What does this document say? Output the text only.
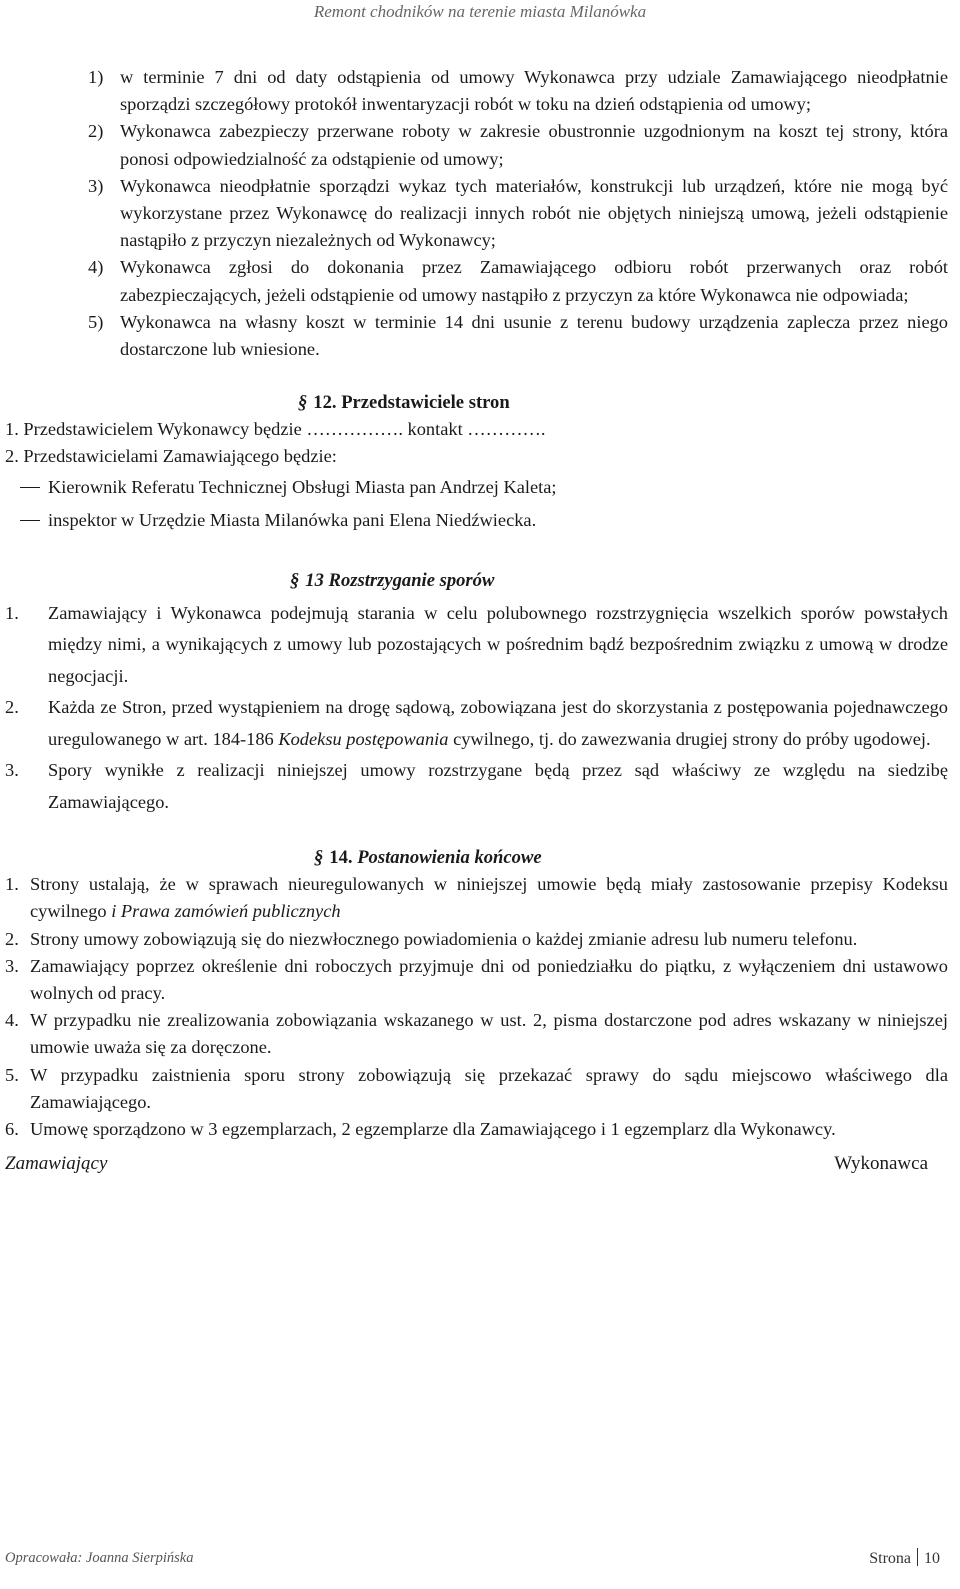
Remont chodników na terenie miasta Milanówka
1) w terminie 7 dni od daty odstąpienia od umowy Wykonawca przy udziale Zamawiającego nieodpłatnie sporządzi szczegółowy protokół inwentaryzacji robót w toku na dzień odstąpienia od umowy;
2) Wykonawca zabezpieczy przerwane roboty w zakresie obustronnie uzgodnionym na koszt tej strony, która ponosi odpowiedzialność za odstąpienie od umowy;
3) Wykonawca nieodpłatnie sporządzi wykaz tych materiałów, konstrukcji lub urządzeń, które nie mogą być wykorzystane przez Wykonawcę do realizacji innych robót nie objętych niniejszą umową, jeżeli odstąpienie nastąpiło z przyczyn niezależnych od Wykonawcy;
4) Wykonawca zgłosi do dokonania przez Zamawiającego odbioru robót przerwanych oraz robót zabezpieczających, jeżeli odstąpienie od umowy nastąpiło z przyczyn za które Wykonawca nie odpowiada;
5) Wykonawca na własny koszt w terminie 14 dni usunie z terenu budowy urządzenia zaplecza przez niego dostarczone lub wniesione.
§ 12. Przedstawiciele stron
1. Przedstawicielem Wykonawcy będzie ……………. kontakt ………….
2. Przedstawicielami Zamawiającego będzie:
Kierownik Referatu Technicznej Obsługi Miasta pan Andrzej Kaleta;
inspektor w Urzędzie Miasta Milanówka pani Elena Niedźwiecka.
§ 13 Rozstrzyganie sporów
1. Zamawiający i Wykonawca podejmują starania w celu polubownego rozstrzygnięcia wszelkich sporów powstałych między nimi, a wynikających z umowy lub pozostających w pośrednim bądź bezpośrednim związku z umową w drodze negocjacji.
2. Każda ze Stron, przed wystąpieniem na drogę sądową, zobowiązana jest do skorzystania z postępowania pojednawczego uregulowanego w art. 184-186 Kodeksu postępowania cywilnego, tj. do zawezwania drugiej strony do próby ugodowej.
3. Spory wynikłe z realizacji niniejszej umowy rozstrzygane będą przez sąd właściwy ze względu na siedzibę Zamawiającego.
§ 14. Postanowienia końcowe
1. Strony ustalają, że w sprawach nieuregulowanych w niniejszej umowie będą miały zastosowanie przepisy Kodeksu cywilnego i Prawa zamówień publicznych
2. Strony umowy zobowiązują się do niezwłocznego powiadomienia o każdej zmianie adresu lub numeru telefonu.
3. Zamawiający poprzez określenie dni roboczych przyjmuje dni od poniedziałku do piątku, z wyłączeniem dni ustawowo wolnych od pracy.
4. W przypadku nie zrealizowania zobowiązania wskazanego w ust. 2, pisma dostarczone pod adres wskazany w niniejszej umowie uważa się za doręczone.
5. W przypadku zaistnienia sporu strony zobowiązują się przekazać sprawy do sądu miejscowo właściwego dla Zamawiającego.
6. Umowę sporządzono w 3 egzemplarzach, 2 egzemplarze dla Zamawiającego i 1 egzemplarz dla Wykonawcy.
Zamawiający	Wykonawca
Opracowała: Joanna Sierpińska	Strona 10
